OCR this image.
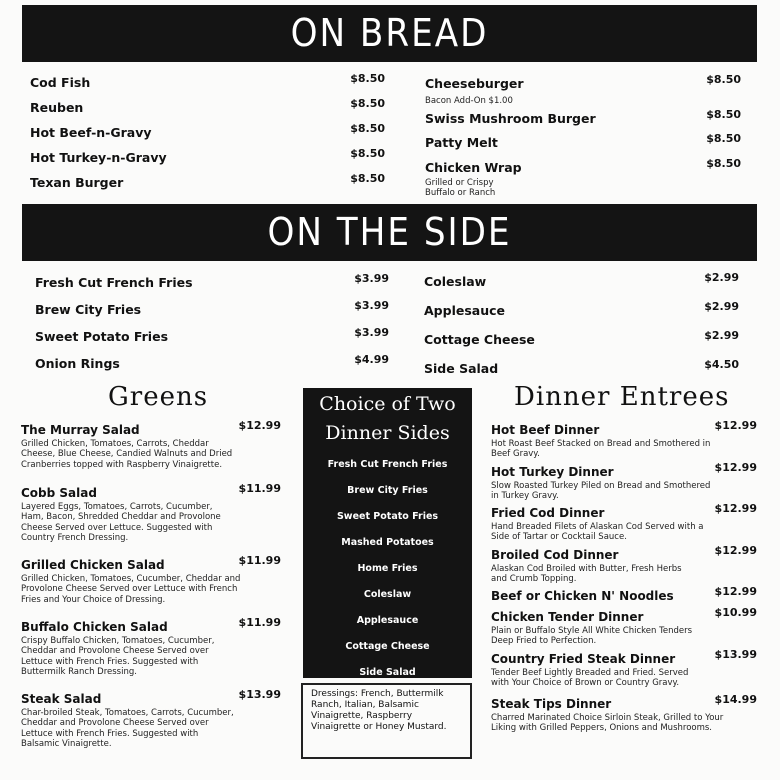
ON BREAD
Cod Fish	$8.50
Reuben	$8.50
Hot Beef-n-Gravy	$8.50
Hot Turkey-n-Gravy	$8.50
Texan Burger	$8.50
Cheeseburger	$8.50
Bacon Add-On $1.00
Swiss Mushroom Burger	$8.50
Patty Melt	$8.50
Chicken Wrap	$8.50
Grilled or Crispy
Buffalo or Ranch
ON THE SIDE
Fresh Cut French Fries	$3.99
Brew City Fries	$3.99
Sweet Potato Fries	$3.99
Onion Rings	$4.99
Coleslaw	$2.99
Applesauce	$2.99
Cottage Cheese	$2.99
Side Salad	$4.50
Greens
The Murray Salad	$12.99
Grilled Chicken, Tomatoes, Carrots, Cheddar Cheese, Blue Cheese, Candied Walnuts and Dried Cranberries topped with Raspberry Vinaigrette.
Cobb Salad	$11.99
Layered Eggs, Tomatoes, Carrots, Cucumber, Ham, Bacon, Shredded Cheddar and Provolone Cheese Served over Lettuce. Suggested with Country French Dressing.
Grilled Chicken Salad	$11.99
Grilled Chicken, Tomatoes, Cucumber, Cheddar and Provolone Cheese Served over Lettuce with French Fries and Your Choice of Dressing.
Buffalo Chicken Salad	$11.99
Crispy Buffalo Chicken, Tomatoes, Cucumber, Cheddar and Provolone Cheese Served over Lettuce with French Fries. Suggested with Buttermilk Ranch Dressing.
Steak Salad	$13.99
Char-broiled Steak, Tomatoes, Carrots, Cucumber, Cheddar and Provolone Cheese Served over Lettuce with French Fries. Suggested with Balsamic Vinaigrette.
Choice of Two
Dinner Sides
Fresh Cut French Fries
Brew City Fries
Sweet Potato Fries
Mashed Potatoes
Home Fries
Coleslaw
Applesauce
Cottage Cheese
Side Salad
Dressings: French, Buttermilk Ranch, Italian, Balsamic Vinaigrette, Raspberry Vinaigrette or Honey Mustard.
Dinner Entrees
Hot Beef Dinner	$12.99
Hot Roast Beef Stacked on Bread and Smothered in Beef Gravy.
Hot Turkey Dinner	$12.99
Slow Roasted Turkey Piled on Bread and Smothered in Turkey Gravy.
Fried Cod Dinner	$12.99
Hand Breaded Filets of Alaskan Cod Served with a Side of Tartar or Cocktail Sauce.
Broiled Cod Dinner	$12.99
Alaskan Cod Broiled with Butter, Fresh Herbs and Crumb Topping.
Beef or Chicken N' Noodles	$12.99
Chicken Tender Dinner	$10.99
Plain or Buffalo Style All White Chicken Tenders Deep Fried to Perfection.
Country Fried Steak Dinner	$13.99
Tender Beef Lightly Breaded and Fried. Served with Your Choice of Brown or Country Gravy.
Steak Tips Dinner	$14.99
Charred Marinated Choice Sirloin Steak, Grilled to Your Liking with Grilled Peppers, Onions and Mushrooms.
